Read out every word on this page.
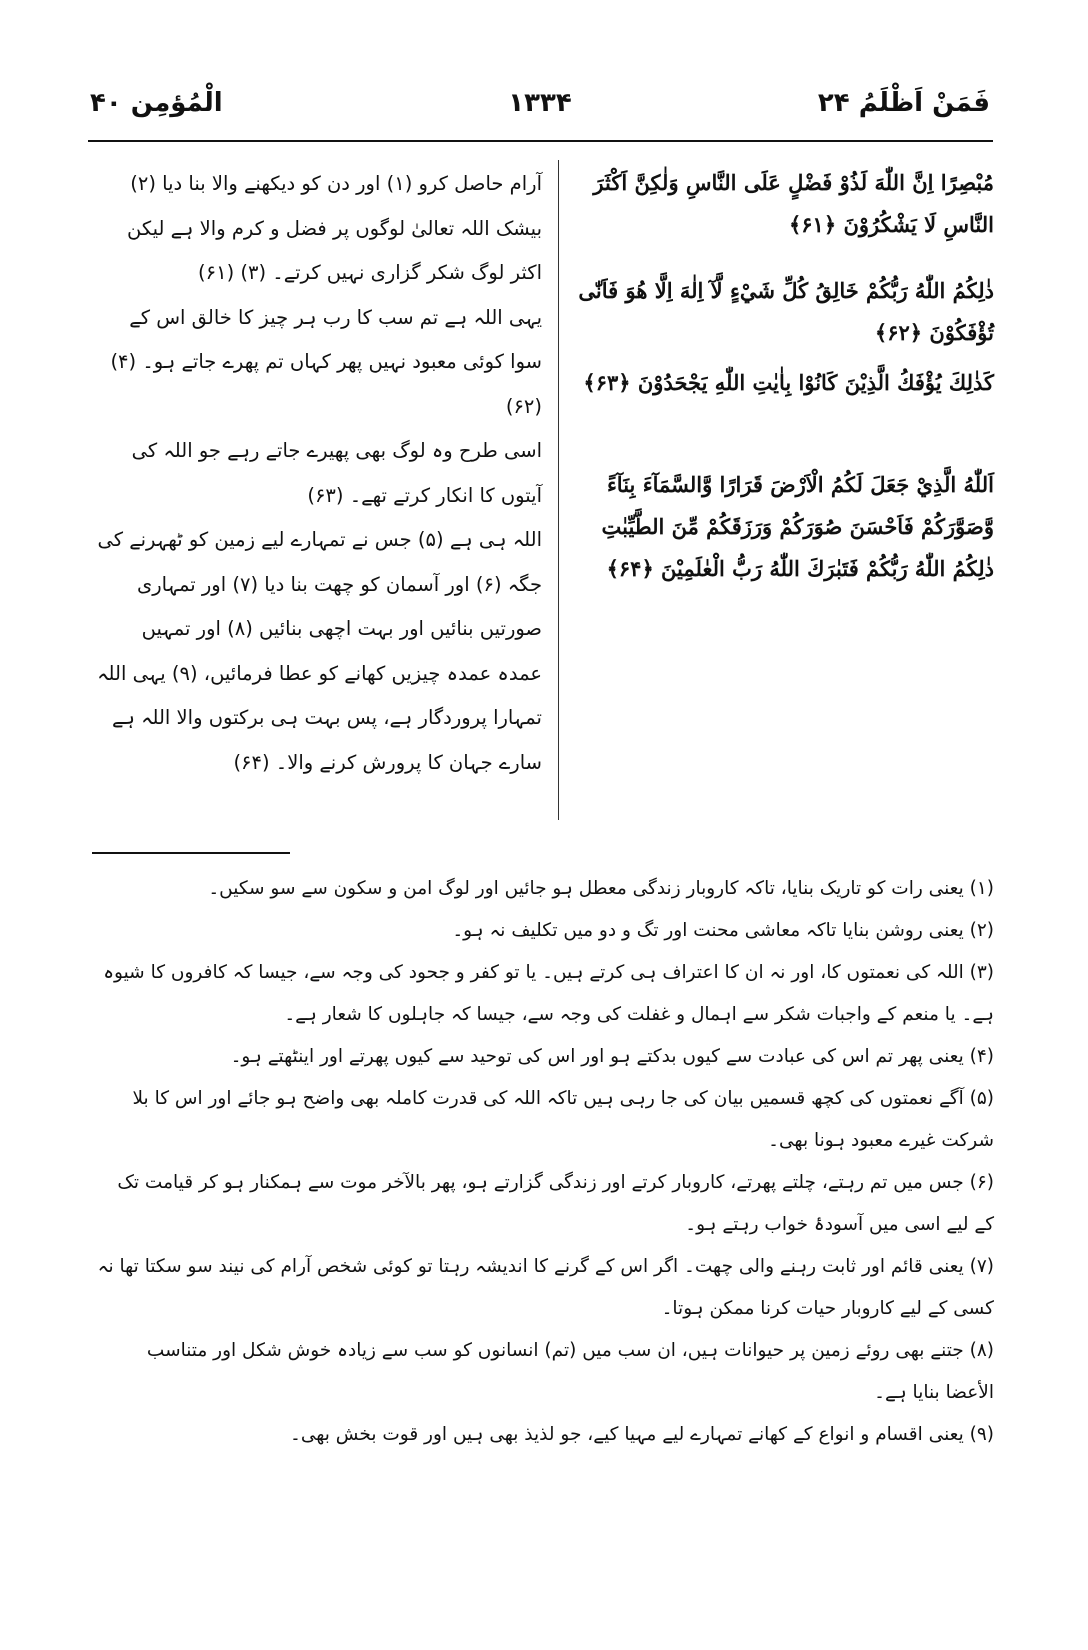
فَمَنْ اَظْلَمُ ۲۴
۱۳۳۴
الْمُؤمِن ۴۰

مُبْصِرًا اِنَّ اللّٰهَ لَذُوْ فَضْلٍ عَلَى النَّاسِ وَلٰكِنَّ اَكْثَرَ النَّاسِ لَا يَشْكُرُوْنَ ﴿۶۱﴾

ذٰلِكُمُ اللّٰهُ رَبُّكُمْ خَالِقُ كُلِّ شَيْءٍ لَّآ اِلٰهَ اِلَّا هُوَ فَاَنّٰى تُؤْفَكُوْنَ ﴿۶۲﴾

كَذٰلِكَ يُؤْفَكُ الَّذِيْنَ كَانُوْا بِاٰيٰتِ اللّٰهِ يَجْحَدُوْنَ ﴿۶۳﴾

اَللّٰهُ الَّذِيْ جَعَلَ لَكُمُ الْاَرْضَ قَرَارًا وَّالسَّمَآءَ بِنَآءً وَّصَوَّرَكُمْ فَاَحْسَنَ صُوَرَكُمْ وَرَزَقَكُمْ مِّنَ الطَّيِّبٰتِ ذٰلِكُمُ اللّٰهُ رَبُّكُمْ فَتَبٰرَكَ اللّٰهُ رَبُّ الْعٰلَمِيْنَ ﴿۶۴﴾

آرام حاصل کرو (۱) اور دن کو دیکھنے والا بنا دیا (۲) بیشک اللہ تعالیٰ لوگوں پر فضل و کرم والا ہے لیکن اکثر لوگ شکر گزاری نہیں کرتے۔ (۳) (۶۱)

یہی اللہ ہے تم سب کا رب ہر چیز کا خالق اس کے سوا کوئی معبود نہیں پھر کہاں تم پھرے جاتے ہو۔ (۴) (۶۲)

اسی طرح وہ لوگ بھی پھیرے جاتے رہے جو اللہ کی آیتوں کا انکار کرتے تھے۔ (۶۳)

اللہ ہی ہے (۵) جس نے تمہارے لیے زمین کو ٹھہرنے کی جگہ (۶) اور آسمان کو چھت بنا دیا (۷) اور تمہاری صورتیں بنائیں اور بہت اچھی بنائیں (۸) اور تمہیں عمدہ عمدہ چیزیں کھانے کو عطا فرمائیں، (۹) یہی اللہ تمہارا پروردگار ہے، پس بہت ہی برکتوں والا اللہ ہے سارے جہان کا پرورش کرنے والا۔ (۶۴)

(۱) یعنی رات کو تاریک بنایا، تاکہ کاروبار زندگی معطل ہو جائیں اور لوگ امن و سکون سے سو سکیں۔

(۲) یعنی روشن بنایا تاکہ معاشی محنت اور تگ و دو میں تکلیف نہ ہو۔

(۳) اللہ کی نعمتوں کا، اور نہ ان کا اعتراف ہی کرتے ہیں۔ یا تو کفر و جحود کی وجہ سے، جیسا کہ کافروں کا شیوہ ہے۔ یا منعم کے واجبات شکر سے اہمال و غفلت کی وجہ سے، جیسا کہ جاہلوں کا شعار ہے۔

(۴) یعنی پھر تم اس کی عبادت سے کیوں بدکتے ہو اور اس کی توحید سے کیوں پھرتے اور اینٹھتے ہو۔

(۵) آگے نعمتوں کی کچھ قسمیں بیان کی جا رہی ہیں تاکہ اللہ کی قدرت کاملہ بھی واضح ہو جائے اور اس کا بلا شرکت غیرے معبود ہونا بھی۔

(۶) جس میں تم رہتے، چلتے پھرتے، کاروبار کرتے اور زندگی گزارتے ہو، پھر بالآخر موت سے ہمکنار ہو کر قیامت تک کے لیے اسی میں آسودۂ خواب رہتے ہو۔

(۷) یعنی قائم اور ثابت رہنے والی چھت۔ اگر اس کے گرنے کا اندیشہ رہتا تو کوئی شخص آرام کی نیند سو سکتا تھا نہ کسی کے لیے کاروبار حیات کرنا ممکن ہوتا۔

(۸) جتنے بھی روئے زمین پر حیوانات ہیں، ان سب میں (تم) انسانوں کو سب سے زیادہ خوش شکل اور متناسب الأعضا بنایا ہے۔

(۹) یعنی اقسام و انواع کے کھانے تمہارے لیے مہیا کیے، جو لذیذ بھی ہیں اور قوت بخش بھی۔
